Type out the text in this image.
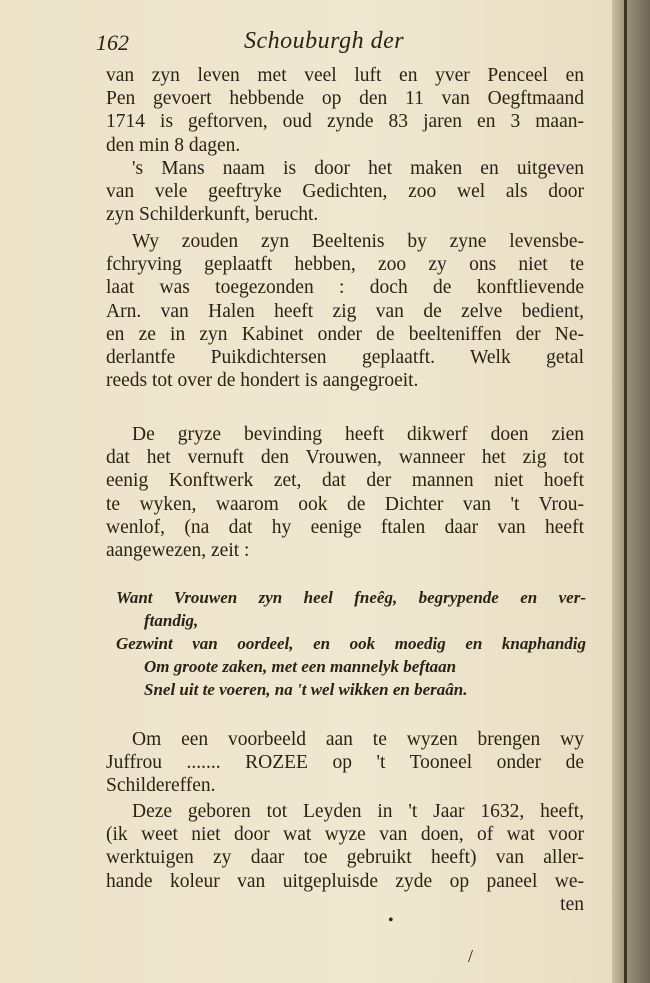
162	Schouburgh der
van zyn leven met veel luft en yver Penceel en
Pen gevoert hebbende op den 11 van Oegftmaand
1714 is geftorven, oud zynde 83 jaren en 3 maan-
den min 8 dagen.
's Mans naam is door het maken en uitgeven
van vele geeftryke Gedichten, zoo wel als door
zyn Schilderkunft, berucht.
Wy zouden zyn Beeltenis by zyne levensbe-
fchryving geplaatft hebben, zoo zy ons niet te
laat was toegezonden : doch de konftlievende
Arn. van Halen heeft zig van de zelve bedient,
en ze in zyn Kabinet onder de beelteniffen der Ne-
derlantfe Puikdichtersen geplaatft. Welk getal
reeds tot over de hondert is aangegroeit.
De gryze bevinding heeft dikwerf doen zien
dat het vernuft den Vrouwen, wanneer het zig tot
eenig Konftwerk zet, dat der mannen niet hoeft
te wyken, waarom ook de Dichter van 't Vrou-
wenlof, (na dat hy eenige ftalen daar van heeft
aangewezen, zeit :
Want Vrouwen zyn heel fneêg, begrypende en ver-
ftandig,
Gezwint van oordeel, en ook moedig en knaphandig
Om groote zaken, met een mannelyk beftaan
Snel uit te voeren, na 't wel wikken en beraân.
Om een voorbeeld aan te wyzen brengen wy
Juffrou ....... ROZEE op 't Tooneel onder de
Schildereffen.
Deze geboren tot Leyden in 't Jaar 1632, heeft,
(ik weet niet door wat wyze van doen, of wat voor
werktuigen zy daar toe gebruikt heeft) van aller-
hande koleur van uitgepluisde zyde op paneel we-
ten
•
/
